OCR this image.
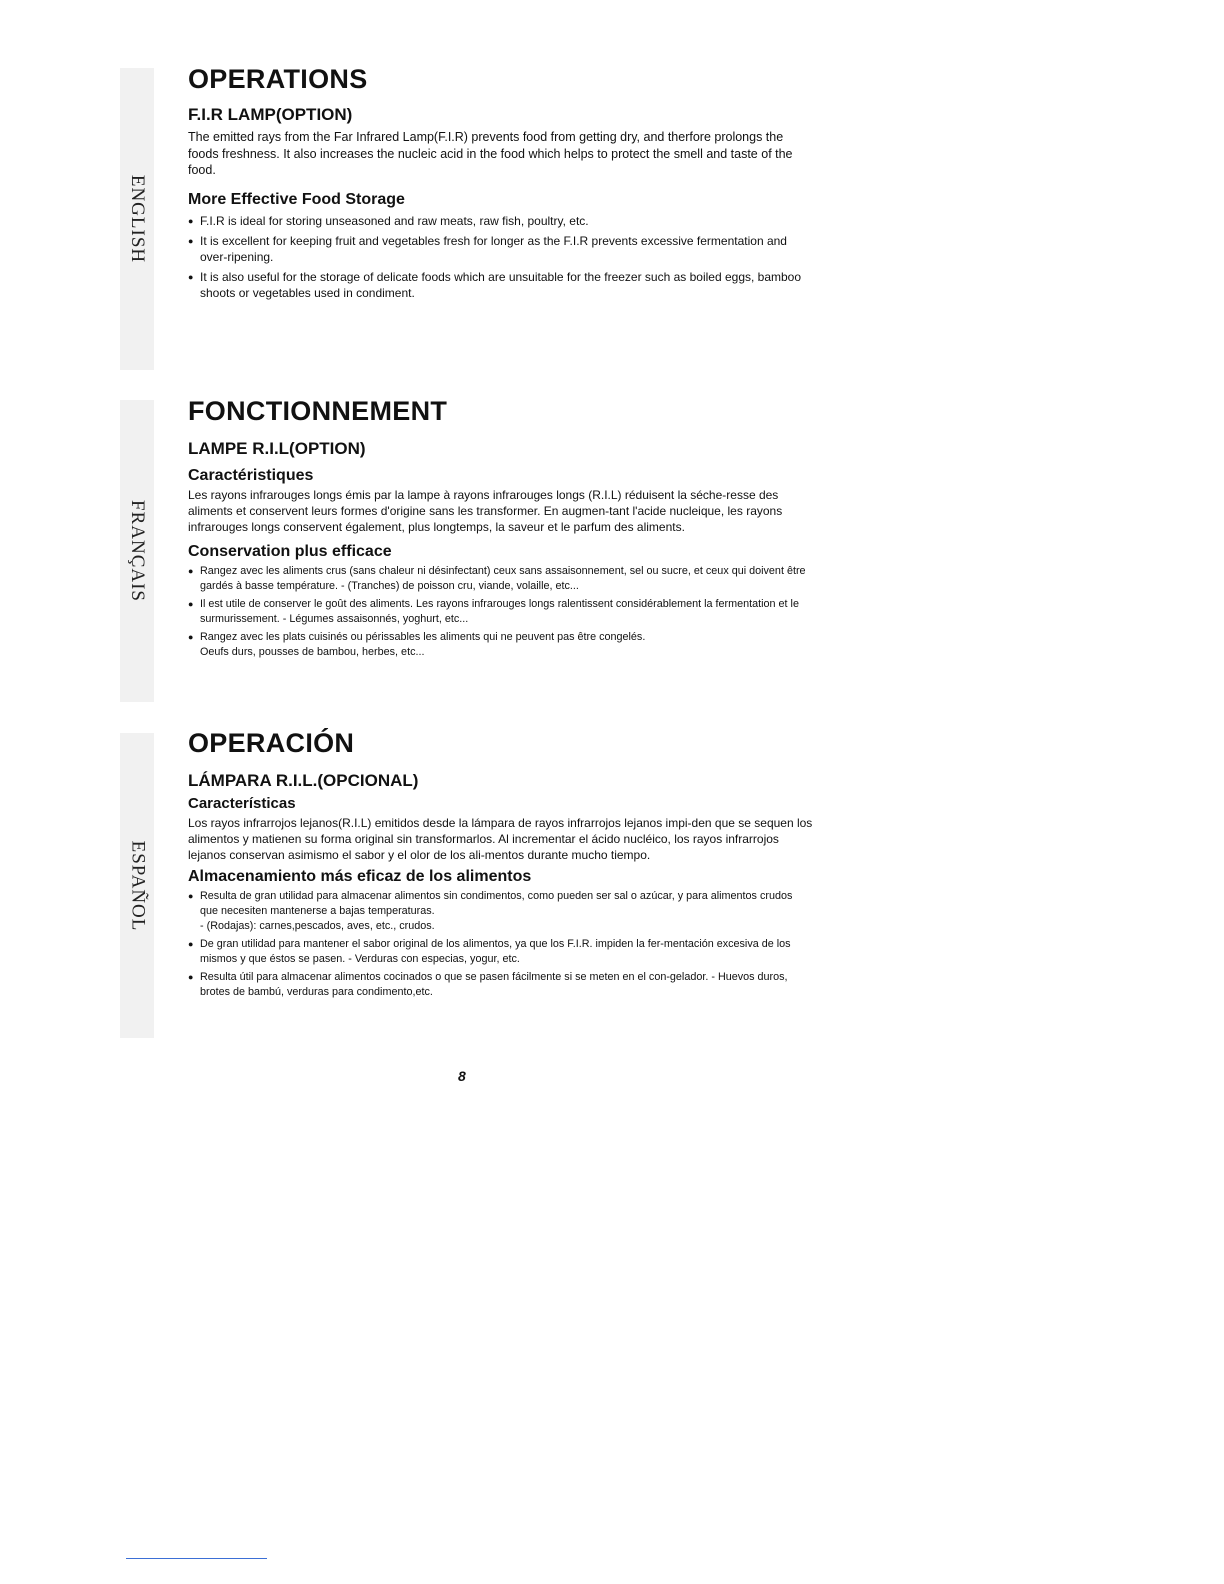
ENGLISH
FRANÇAIS
ESPAÑOL
OPERATIONS
F.I.R LAMP(OPTION)

The emitted rays from the Far Infrared Lamp(F.I.R) prevents food from getting dry, and therfore prolongs the foods freshness. It also increases the nucleic acid in the food which helps to protect the smell and taste of the food.

More Effective Food Storage
● F.I.R is ideal for storing unseasoned and raw meats, raw fish, poultry, etc.
● It is excellent for keeping fruit and vegetables fresh for longer as the F.I.R prevents excessive fermentation and over-ripening.
● It is also useful for the storage of delicate foods which are unsuitable for the freezer such as boiled eggs, bamboo shoots or vegetables used in condiment.
FONCTIONNEMENT
LAMPE R.I.L(OPTION)
Caractéristiques

Les rayons infrarouges longs émis par la lampe à rayons infrarouges longs (R.I.L) réduisent la séche-resse des aliments et conservent leurs formes d'origine sans les transformer. En augmen-tant l'acide nucleique, les rayons infrarouges longs conservent également, plus longtemps, la saveur et le parfum des aliments.

Conservation plus efficace
● Rangez avec les aliments crus (sans chaleur ni désinfectant) ceux sans assaisonnement, sel ou sucre, et ceux qui doivent être gardés à basse température. - (Tranches) de poisson cru, viande, volaille, etc...
● Il est utile de conserver le goût des aliments. Les rayons infrarouges longs ralentissent considérablement la fermentation et le surmurissement. - Légumes assaisonnés, yoghurt, etc...
● Rangez avec les plats cuisinés ou périssables les aliments qui ne peuvent pas être congelés.
Oeufs durs, pousses de bambou, herbes, etc...
OPERACIÓN
LÁMPARA R.I.L.(OPCIONAL)
Características

Los rayos infrarrojos lejanos(R.I.L) emitidos desde la lámpara de rayos infrarrojos lejanos impi-den que se sequen los alimentos y matienen su forma original sin transformarlos. Al incrementar el ácido nucléico, los rayos infrarrojos lejanos conservan asimismo el sabor y el olor de los ali-mentos durante mucho tiempo.

Almacenamiento más eficaz de los alimentos
● Resulta de gran utilidad para almacenar alimentos sin condimentos, como pueden ser sal o azúcar, y para alimentos crudos que necesiten mantenerse a bajas temperaturas.
- (Rodajas): carnes,pescados, aves, etc., crudos.
● De gran utilidad para mantener el sabor original de los alimentos, ya que los F.I.R. impiden la fer-mentación excesiva de los mismos y que éstos se pasen. - Verduras con especias, yogur, etc.
● Resulta útil para almacenar alimentos cocinados o que se pasen fácilmente si se meten en el con-gelador. - Huevos duros, brotes de bambú, verduras para condimento,etc.
8
